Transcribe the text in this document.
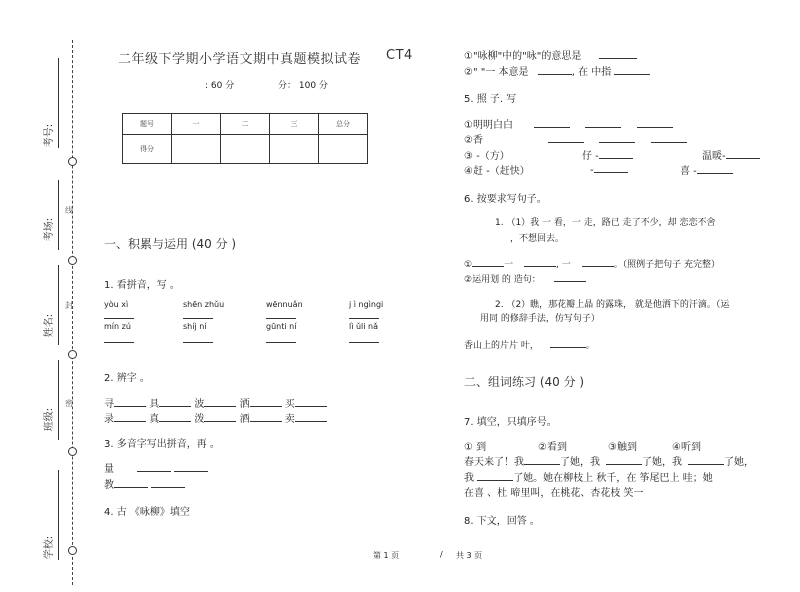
考号:
考场:
姓名:
班级:
学校:
线
封
密
二年级下学期小学语文期中真题模拟试卷 CT4
: 60 分	分： 100 分
题号	一	二	三	总分
得分				
一、积累与运用 (40 分 )
1. 看拼音，写 。
yòu xì	shēn zhǔu	wēnnuǎn	j ì ngìngi
mín zú	shíj ní	gūnti ní	lì ǔli nǎ
2. 辨字 。
寻	具	波	洒	买
录	真	泼	酒	卖
3. 多音字写出拼音，再 。
量
教
4. 古 《咏柳》填空
①"咏柳"中的"咏"的意思是
②" "一 本意是	, 在 中指
5. 照 子. 写
①明明白白
②香
③ -（方）	仔 -	温暖-
④赶 -（赶快）	-	喜 -
6. 按要求写句子。
1. （1）我 一 看，一 走，路已 走了不少，却 恋恋不舍
，不想回去。
①	一	, 一	。（照例子把句子 充完整）
②运用划 的 造句：
2. （2）瞧，那花瓣上晶 的露珠， 就是他洒下的汗滴。（运
用同 的修辞手法，仿写句子）
香山上的片片 叶，	。
二、组词练习 (40 分 )
7. 填空，只填序号。
① 到	②看到	③触到	④听到
春天来了！我	了她，我	了她，我	了她，
我	了她。她在柳枝上 秋千，在 筝尾巴上 哇；她
在喜 、杜 啼里叫，在桃花、杏花枝 笑一
8. 下文，回答 。
第 1 页	/ 共 3 页
